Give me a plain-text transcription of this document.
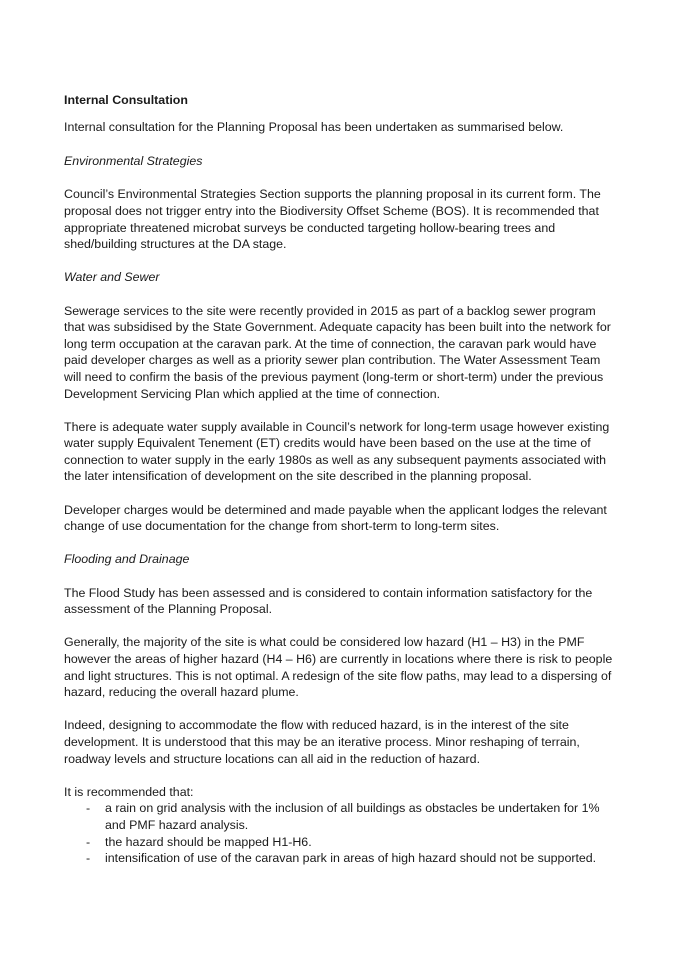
Internal Consultation

Internal consultation for the Planning Proposal has been undertaken as summarised below.

Environmental Strategies

Council’s Environmental Strategies Section supports the planning proposal in its current form. The proposal does not trigger entry into the Biodiversity Offset Scheme (BOS). It is recommended that appropriate threatened microbat surveys be conducted targeting hollow-bearing trees and shed/building structures at the DA stage.

Water and Sewer

Sewerage services to the site were recently provided in 2015 as part of a backlog sewer program that was subsidised by the State Government. Adequate capacity has been built into the network for long term occupation at the caravan park. At the time of connection, the caravan park would have paid developer charges as well as a priority sewer plan contribution. The Water Assessment Team will need to confirm the basis of the previous payment (long-term or short-term) under the previous Development Servicing Plan which applied at the time of connection.

There is adequate water supply available in Council’s network for long-term usage however existing water supply Equivalent Tenement (ET) credits would have been based on the use at the time of connection to water supply in the early 1980s as well as any subsequent payments associated with the later intensification of development on the site described in the planning proposal.

Developer charges would be determined and made payable when the applicant lodges the relevant change of use documentation for the change from short-term to long-term sites.

Flooding and Drainage

The Flood Study has been assessed and is considered to contain information satisfactory for the assessment of the Planning Proposal.

Generally, the majority of the site is what could be considered low hazard (H1 – H3) in the PMF however the areas of higher hazard (H4 – H6) are currently in locations where there is risk to people and light structures. This is not optimal. A redesign of the site flow paths, may lead to a dispersing of hazard, reducing the overall hazard plume.

Indeed, designing to accommodate the flow with reduced hazard, is in the interest of the site development. It is understood that this may be an iterative process. Minor reshaping of terrain, roadway levels and structure locations can all aid in the reduction of hazard.

It is recommended that:

- a rain on grid analysis with the inclusion of all buildings as obstacles be undertaken for 1% and PMF hazard analysis.
- the hazard should be mapped H1-H6.
- intensification of use of the caravan park in areas of high hazard should not be supported.
